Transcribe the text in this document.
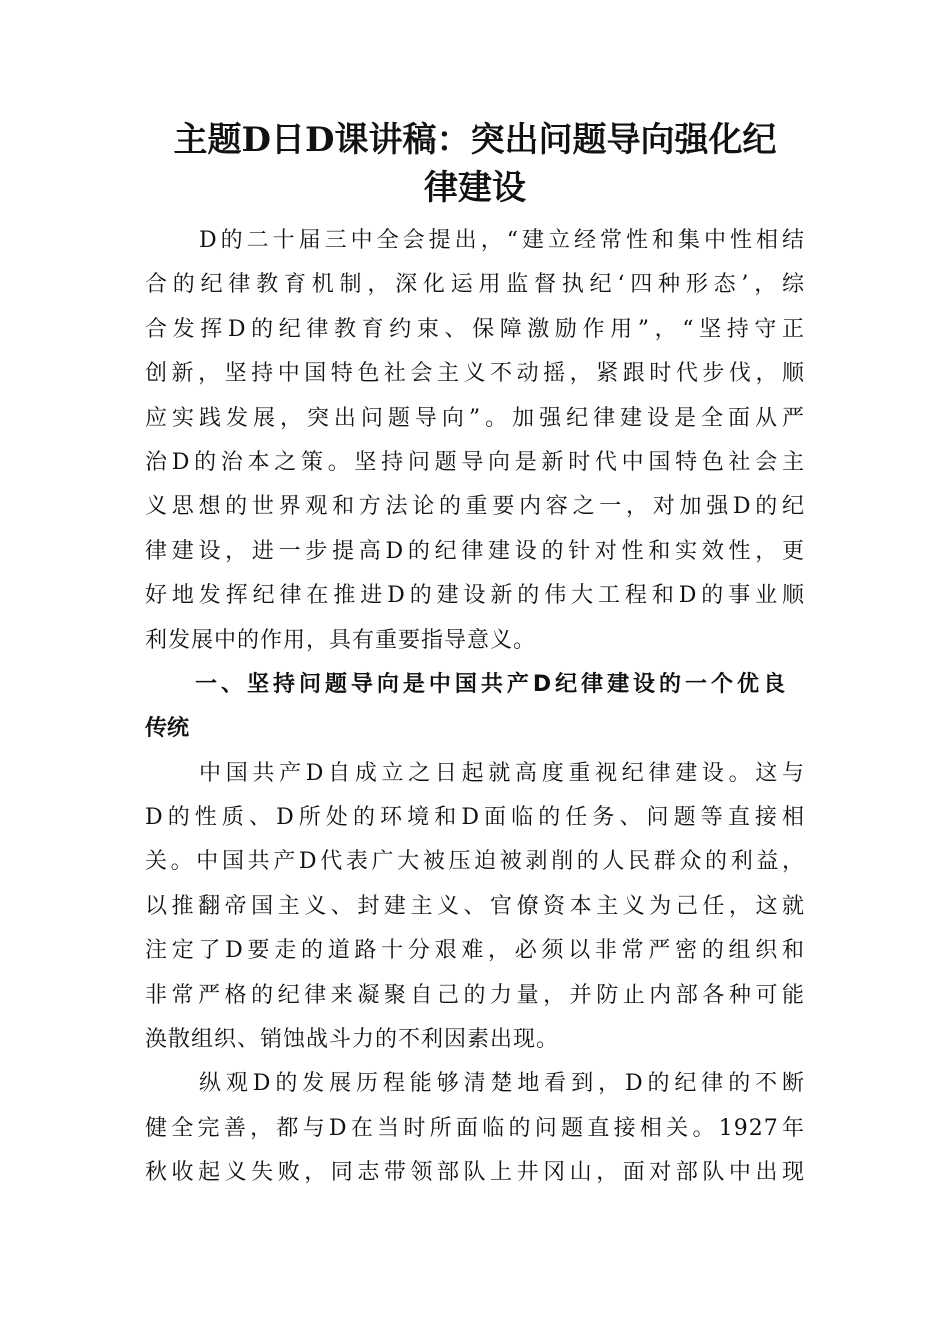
主题D日D课讲稿：突出问题导向强化纪
律建设
D的二十届三中全会提出，“建立经常性和集中性相结
合的纪律教育机制，深化运用监督执纪‘四种形态’，综
合发挥D的纪律教育约束、保障激励作用”，“坚持守正
创新，坚持中国特色社会主义不动摇，紧跟时代步伐，顺
应实践发展，突出问题导向”。加强纪律建设是全面从严
治D的治本之策。坚持问题导向是新时代中国特色社会主
义思想的世界观和方法论的重要内容之一，对加强D的纪
律建设，进一步提高D的纪律建设的针对性和实效性，更
好地发挥纪律在推进D的建设新的伟大工程和D的事业顺
利发展中的作用，具有重要指导意义。
一、坚持问题导向是中国共产D纪律建设的一个优良
传统
中国共产D自成立之日起就高度重视纪律建设。这与
D的性质、D所处的环境和D面临的任务、问题等直接相
关。中国共产D代表广大被压迫被剥削的人民群众的利益，
以推翻帝国主义、封建主义、官僚资本主义为己任，这就
注定了D要走的道路十分艰难，必须以非常严密的组织和
非常严格的纪律来凝聚自己的力量，并防止内部各种可能
涣散组织、销蚀战斗力的不利因素出现。
纵观D的发展历程能够清楚地看到，D的纪律的不断
健全完善，都与D在当时所面临的问题直接相关。1927年
秋收起义失败，同志带领部队上井冈山，面对部队中出现
